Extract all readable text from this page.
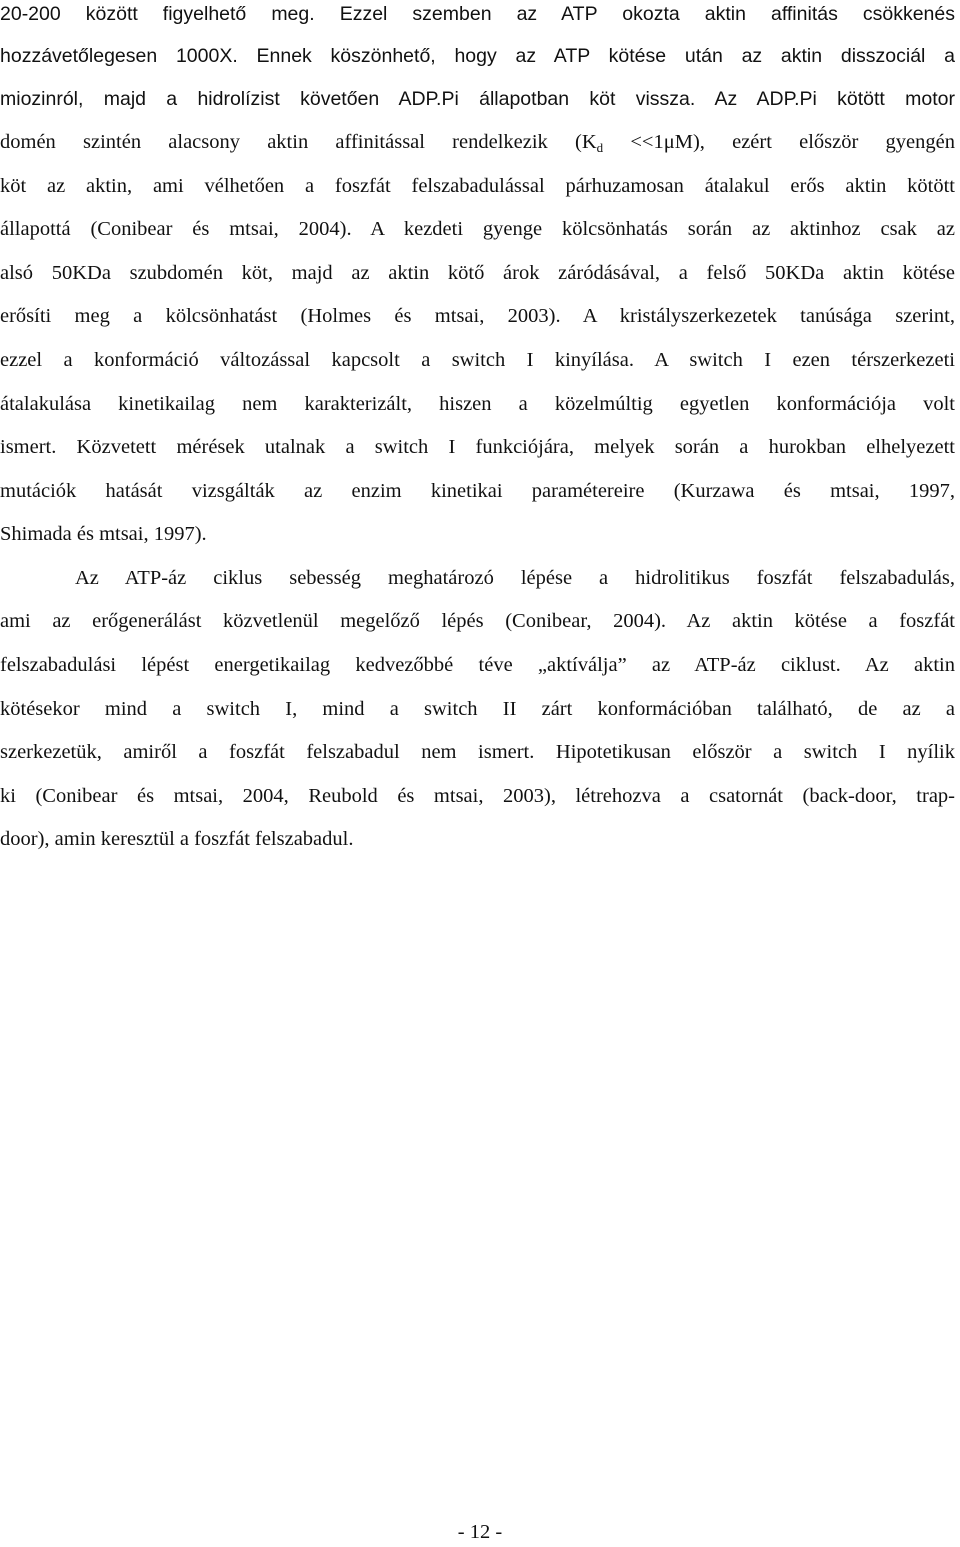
20-200 között figyelhető meg. Ezzel szemben az ATP okozta aktin affinitás csökkenés
hozzávetőlegesen 1000X. Ennek köszönhető, hogy az ATP kötése után az aktin disszociál a
miozinról, majd a hidrolízist követően ADP.Pi állapotban köt vissza. Az ADP.Pi kötött motor
domén szintén alacsony aktin affinitással rendelkezik $(K_d <<1\mu M)$, ezért először gyengén
köt az aktin, ami vélhetően a foszfát felszabadulással párhuzamosan átalakul erős aktin kötött
állapottá (Conibear és mtsai, 2004). A kezdeti gyenge kölcsönhatás során az aktinhoz csak az
alsó 50KDa szubdomén köt, majd az aktin kötő árok záródásával, a felső 50KDa aktin kötése
erősíti meg a kölcsönhatást (Holmes és mtsai, 2003). A kristályszerkezetek tanúsága szerint,
ezzel a konformáció változással kapcsolt a switch I kinyílása. A switch I ezen térszerkezeti
átalakulása kinetikailag nem karakterizált, hiszen a közelmúltig egyetlen konformációja volt
ismert. Közvetett mérések utalnak a switch I funkciójára, melyek során a hurokban elhelyezett
mutációk hatását vizsgálták az enzim kinetikai paramétereire (Kurzawa és mtsai, 1997,
Shimada és mtsai, 1997).
Az ATP-áz ciklus sebesség meghatározó lépése a hidrolitikus foszfát felszabadulás,
ami az erőgenerálást közvetlenül megelőző lépés (Conibear, 2004). Az aktin kötése a foszfát
felszabadulási lépést energetikailag kedvezőbbé téve „aktíválja” az ATP-áz ciklust. Az aktin
kötésekor mind a switch I, mind a switch II zárt konformációban található, de az a
szerkezetük, amiről a foszfát felszabadul nem ismert. Hipotetikusan először a switch I nyílik
ki (Conibear és mtsai, 2004, Reubold és mtsai, 2003), létrehozva a csatornát (back-door, trap-
door), amin keresztül a foszfát felszabadul.
- 12 -
